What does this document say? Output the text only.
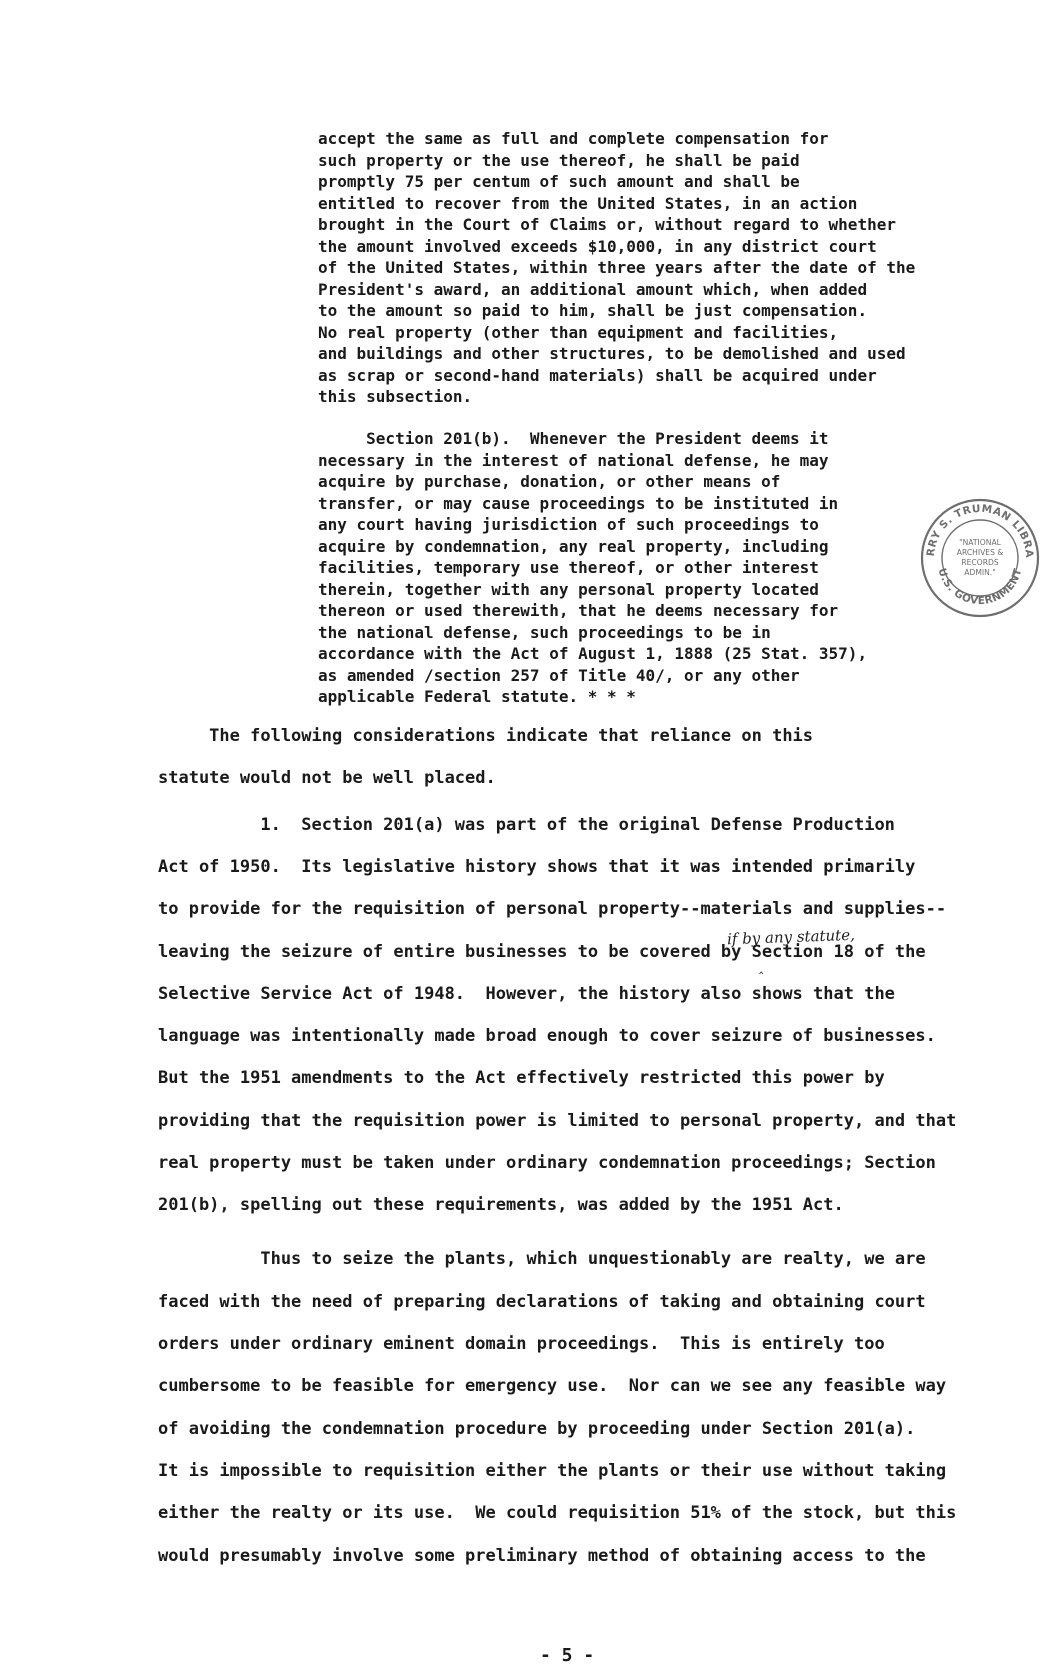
accept the same as full and complete compensation for
such property or the use thereof, he shall be paid
promptly 75 per centum of such amount and shall be
entitled to recover from the United States, in an action
brought in the Court of Claims or, without regard to whether
the amount involved exceeds $10,000, in any district court
of the United States, within three years after the date of the
President's award, an additional amount which, when added
to the amount so paid to him, shall be just compensation.
No real property (other than equipment and facilities,
and buildings and other structures, to be demolished and used
as scrap or second-hand materials) shall be acquired under
this subsection.
Section 201(b).  Whenever the President deems it
necessary in the interest of national defense, he may
acquire by purchase, donation, or other means of
transfer, or may cause proceedings to be instituted in
any court having jurisdiction of such proceedings to
acquire by condemnation, any real property, including
facilities, temporary use thereof, or other interest
therein, together with any personal property located
thereon or used therewith, that he deems necessary for
the national defense, such proceedings to be in
accordance with the Act of August 1, 1888 (25 Stat. 357),
as amended /section 257 of Title 40/, or any other
applicable Federal statute. * * *
RRY S. TRUMAN LIBRA
U.S. GOVERNMENT
"NATIONAL
ARCHIVES &
RECORDS
ADMIN."
The following considerations indicate that reliance on this
statute would not be well placed.
1.  Section 201(a) was part of the original Defense Production
Act of 1950.  Its legislative history shows that it was intended primarily
to provide for the requisition of personal property--materials and supplies--
leaving the seizure of entire businesses to be covered by Section 18 of the
Selective Service Act of 1948.  However, the history also shows that the
language was intentionally made broad enough to cover seizure of businesses.
But the 1951 amendments to the Act effectively restricted this power by
providing that the requisition power is limited to personal property, and that
real property must be taken under ordinary condemnation proceedings; Section
201(b), spelling out these requirements, was added by the 1951 Act.
Thus to seize the plants, which unquestionably are realty, we are
faced with the need of preparing declarations of taking and obtaining court
orders under ordinary eminent domain proceedings.  This is entirely too
cumbersome to be feasible for emergency use.  Nor can we see any feasible way
of avoiding the condemnation procedure by proceeding under Section 201(a).
It is impossible to requisition either the plants or their use without taking
either the realty or its use.  We could requisition 51% of the stock, but this
would presumably involve some preliminary method of obtaining access to the
if by any statute,
‸
- 5 -
